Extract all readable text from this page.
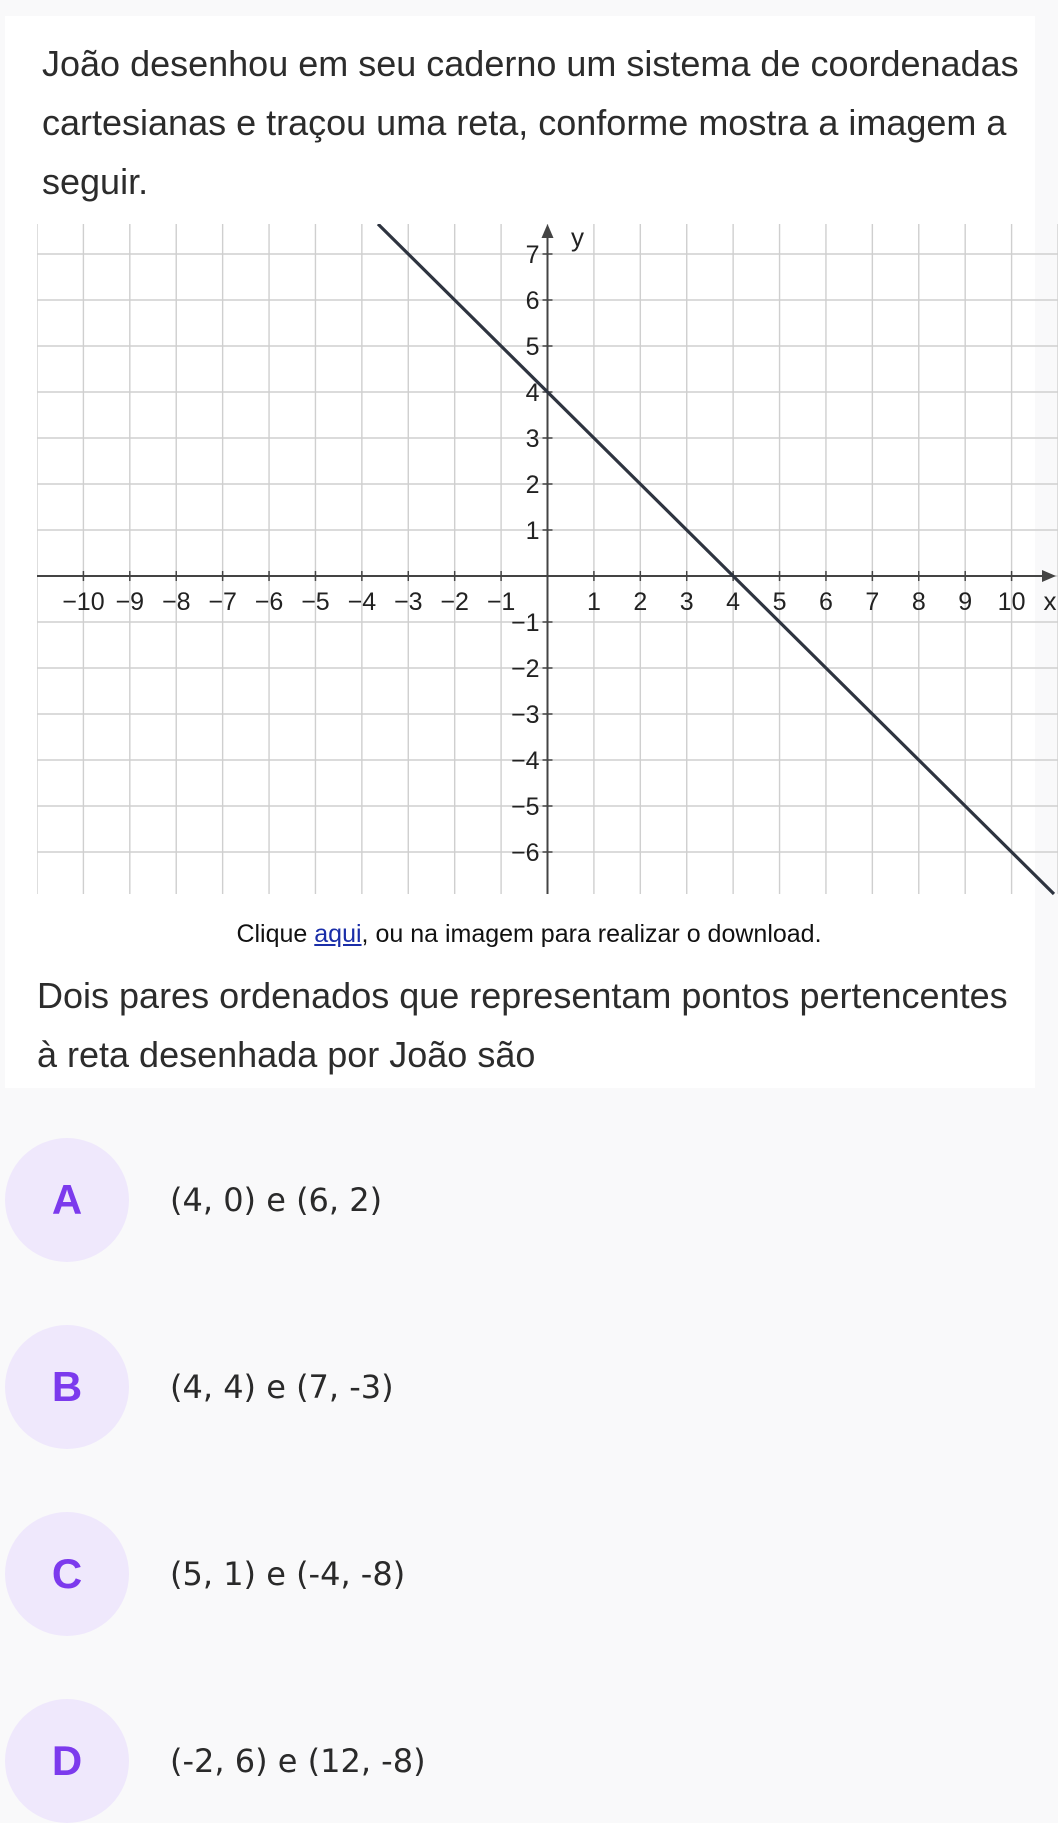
João desenhou em seu caderno um sistema de coordenadas cartesianas e traçou uma reta, conforme mostra a imagem a seguir.

−10 −9 −8 −7 −6 −5 −4 −3 −2 −1	1 2 3 4 5 6 7 8 9 10
−6
−5
−4
−3
−2
−1
1
2
3
4
5
6
7
x
y

Clique aqui, ou na imagem para realizar o download.

Dois pares ordenados que representam pontos pertencentes à reta desenhada por João são

A	(4, 0) e (6, 2)
B	(4, 4) e (7, -3)
C	(5, 1) e (-4, -8)
D	(-2, 6) e (12, -8)
